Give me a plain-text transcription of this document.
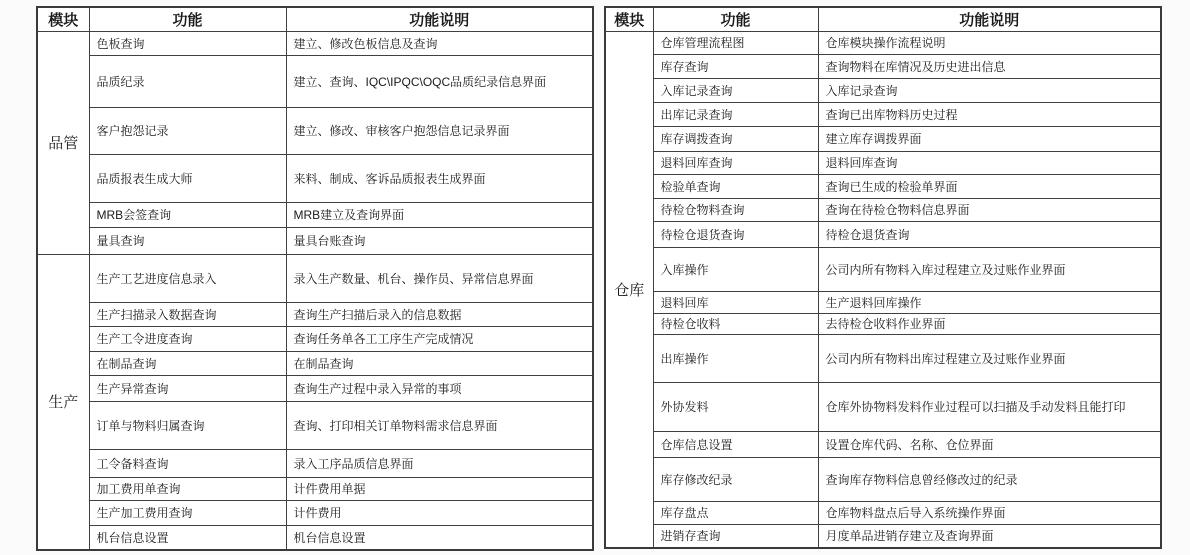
模块	功能	功能说明
品管	色板查询	建立、修改色板信息及查询
	品质纪录	建立、查询、IQC\IPQC\OQC品质纪录信息界面
	客户抱怨记录	建立、修改、审核客户抱怨信息记录界面
	品质报表生成大师	来料、制成、客诉品质报表生成界面
	MRB会签查询	MRB建立及查询界面
	量具查询	量具台账查询
生产	生产工艺进度信息录入	录入生产数量、机台、操作员、异常信息界面
	生产扫描录入数据查询	查询生产扫描后录入的信息数据
	生产工令进度查询	查询任务单各工工序生产完成情况
	在制品查询	在制品查询
	生产异常查询	查询生产过程中录入异常的事项
	订单与物料归属查询	查询、打印相关订单物料需求信息界面
	工令备料查询	录入工序品质信息界面
	加工费用单查询	计件费用单据
	生产加工费用查询	计件费用
	机台信息设置	机台信息设置
模块	功能	功能说明
仓库	仓库管理流程图	仓库模块操作流程说明
	库存查询	查询物料在库情况及历史进出信息
	入库记录查询	入库记录查询
	出库记录查询	查询已出库物料历史过程
	库存调拨查询	建立库存调拨界面
	退料回库查询	退料回库查询
	检验单查询	查询已生成的检验单界面
	待检仓物料查询	查询在待检仓物料信息界面
	待检仓退货查询	待检仓退货查询
	入库操作	公司内所有物料入库过程建立及过账作业界面
	退料回库	生产退料回库操作
	待检仓收料	去待检仓收料作业界面
	出库操作	公司内所有物料出库过程建立及过账作业界面
	外协发料	仓库外协物料发料作业过程可以扫描及手动发料且能打印
	仓库信息设置	设置仓库代码、名称、仓位界面
	库存修改纪录	查询库存物料信息曾经修改过的纪录
	库存盘点	仓库物料盘点后导入系统操作界面
	进销存查询	月度单品进销存建立及查询界面
